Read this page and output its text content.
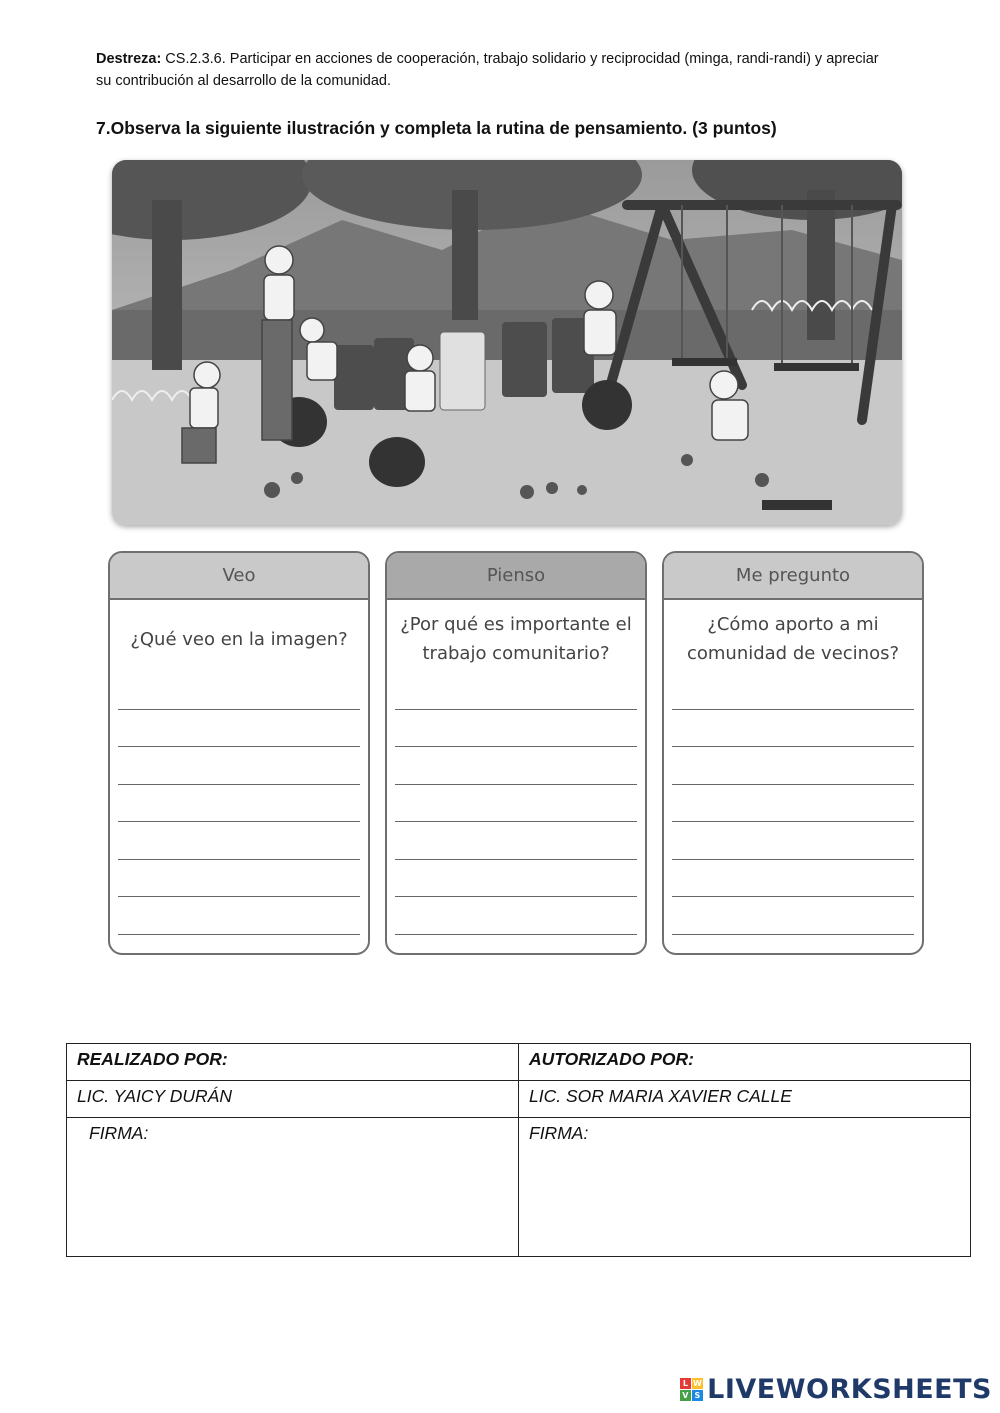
Destreza: CS.2.3.6. Participar en acciones de cooperación, trabajo solidario y reciprocidad (minga, randi-randi) y apreciar su contribución al desarrollo de la comunidad.
7.Observa la siguiente ilustración y completa la rutina de pensamiento. (3 puntos)
Veo
¿Qué veo en la imagen?
Pienso
¿Por qué es importante el trabajo comunitario?
Me pregunto
¿Cómo aporto a mi comunidad de vecinos?
REALIZADO POR:	AUTORIZADO POR:
LIC. YAICY DURÁN	LIC. SOR MARIA XAVIER CALLE
FIRMA:	FIRMA:
L W
V S LIVEWORKSHEETS
